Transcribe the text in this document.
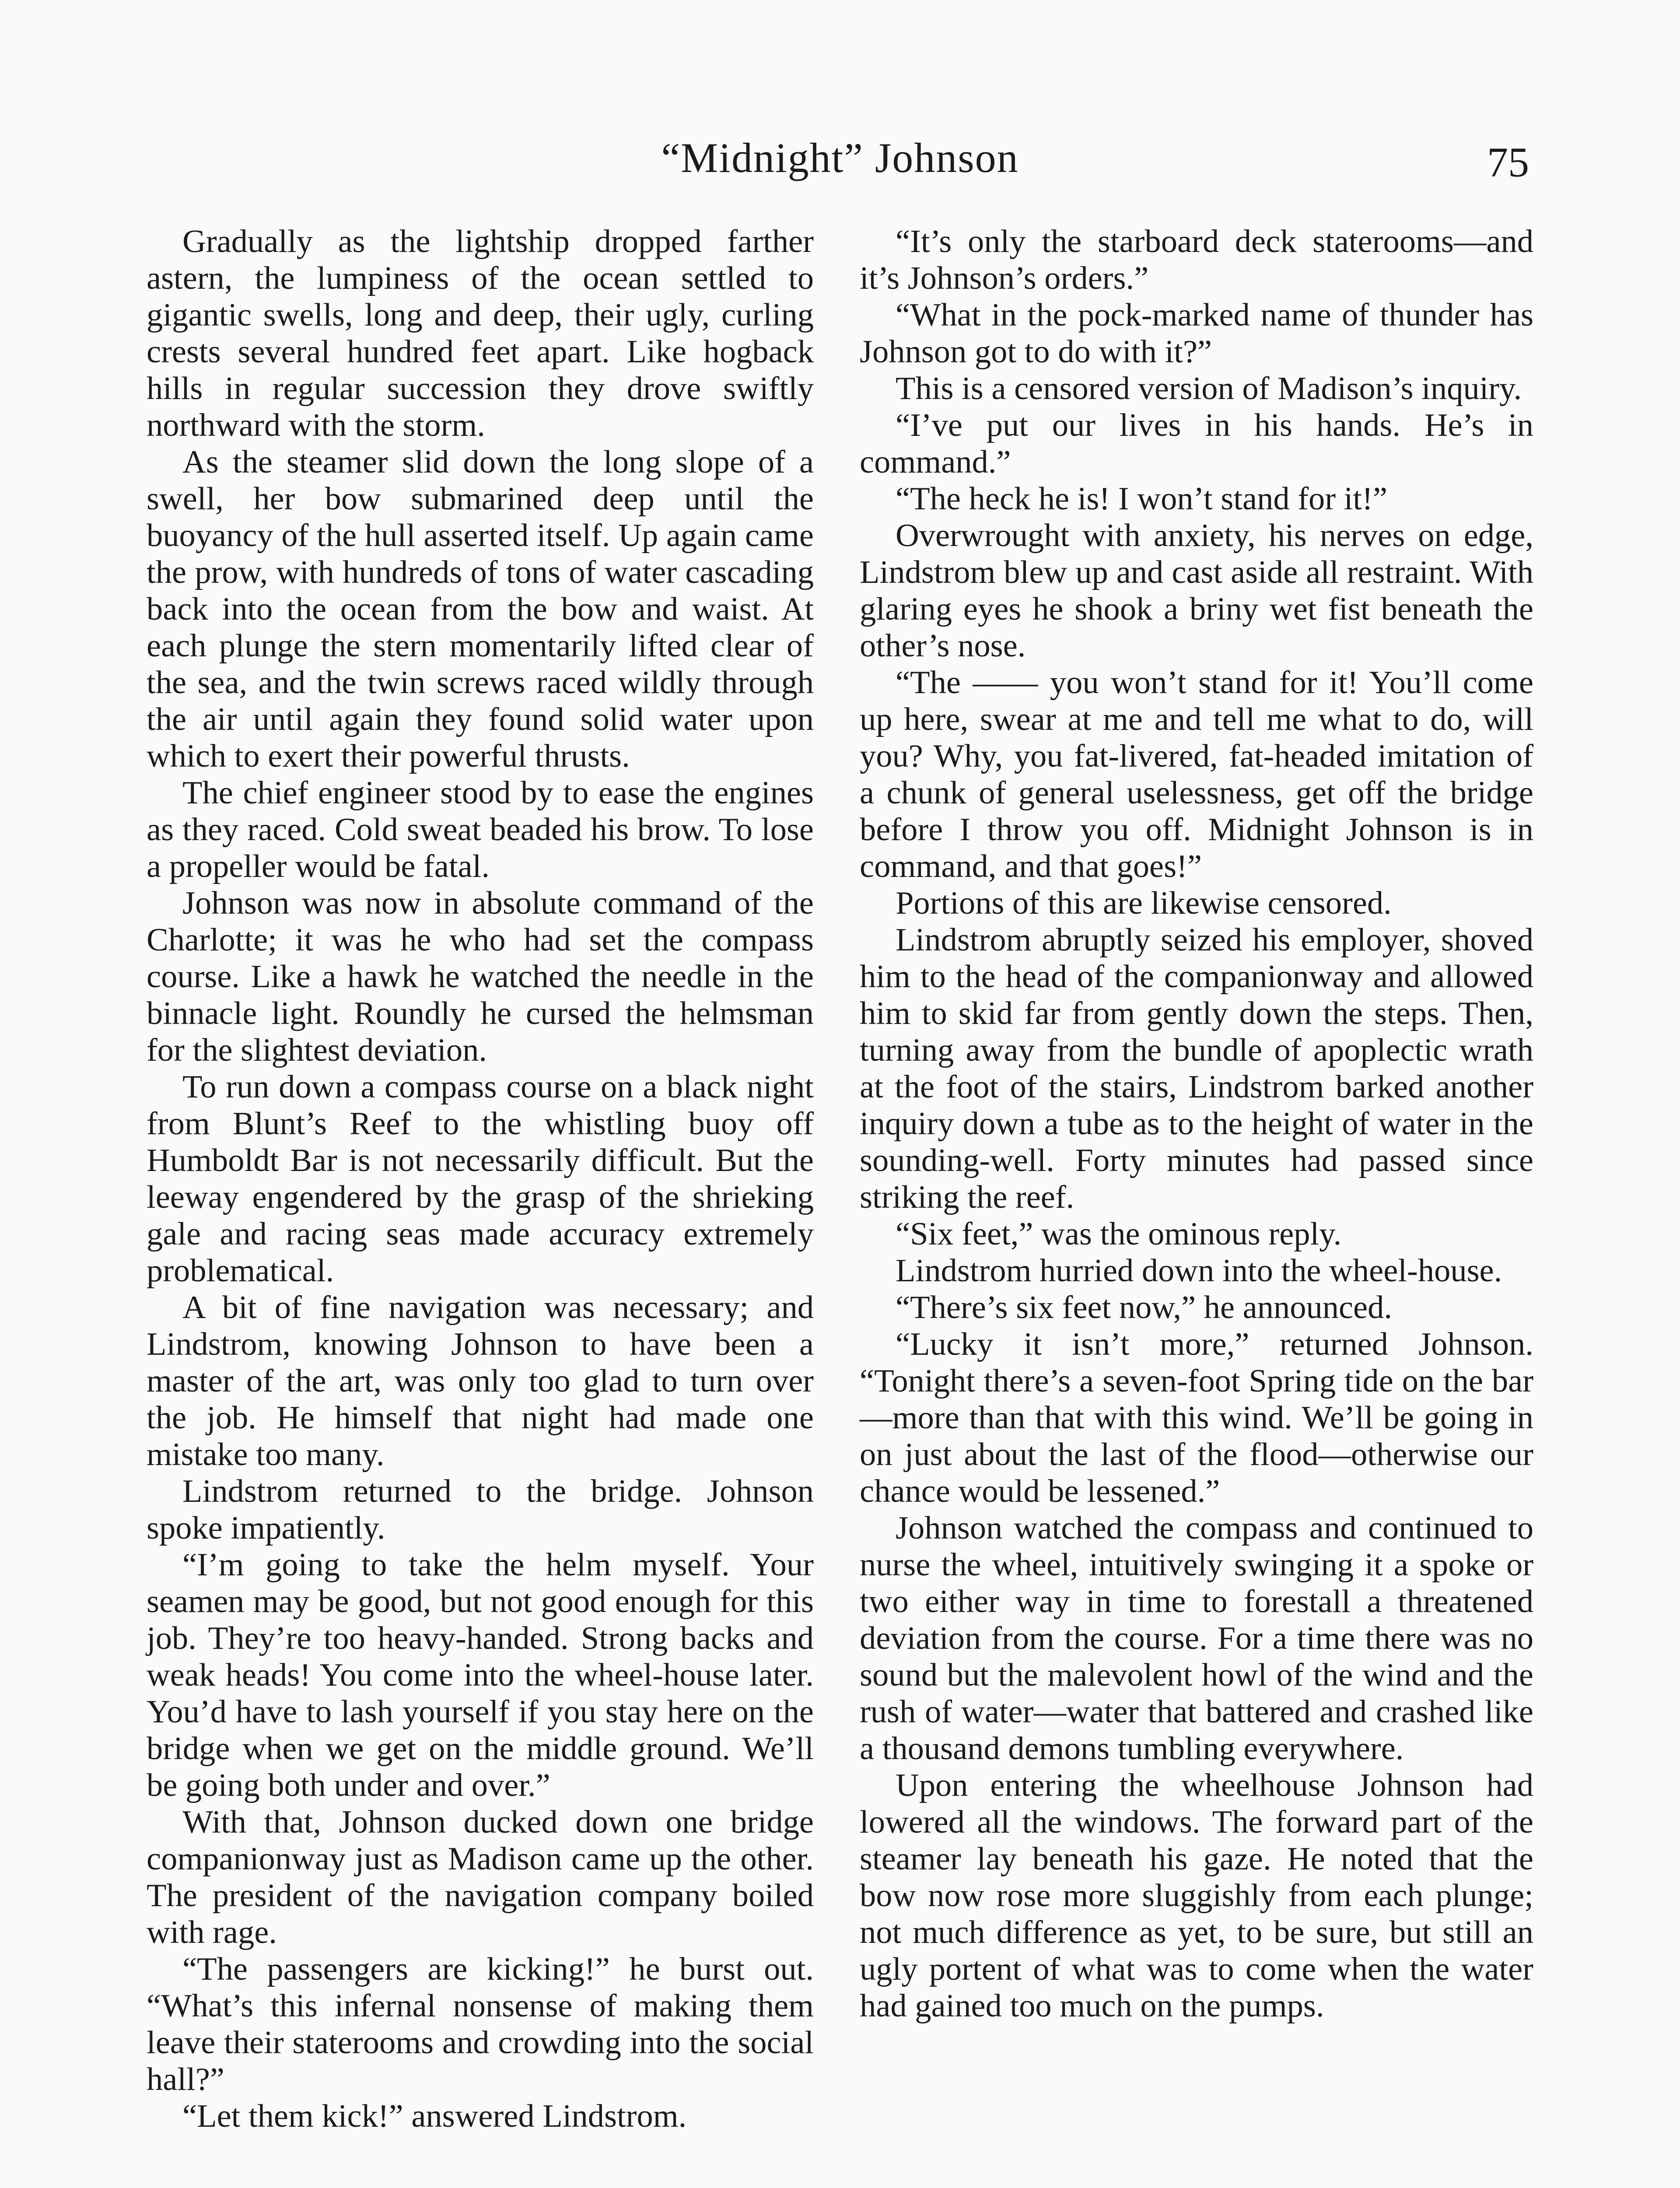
“Midnight” Johnson	75

Gradually as the lightship dropped farther astern, the lumpiness of the ocean settled to gigantic swells, long and deep, their ugly, curling crests several hundred feet apart. Like hogback hills in regular succession they drove swiftly northward with the storm.

As the steamer slid down the long slope of a swell, her bow submarined deep until the buoyancy of the hull asserted itself. Up again came the prow, with hundreds of tons of water cascading back into the ocean from the bow and waist. At each plunge the stern momentarily lifted clear of the sea, and the twin screws raced wildly through the air until again they found solid water upon which to exert their powerful thrusts.

The chief engineer stood by to ease the engines as they raced. Cold sweat beaded his brow. To lose a propeller would be fatal.

Johnson was now in absolute command of the Charlotte; it was he who had set the compass course. Like a hawk he watched the needle in the binnacle light. Roundly he cursed the helmsman for the slightest deviation.

To run down a compass course on a black night from Blunt’s Reef to the whistling buoy off Humboldt Bar is not necessarily difficult. But the leeway engendered by the grasp of the shrieking gale and racing seas made accuracy extremely problematical.

A bit of fine navigation was necessary; and Lindstrom, knowing Johnson to have been a master of the art, was only too glad to turn over the job. He himself that night had made one mistake too many.

Lindstrom returned to the bridge. Johnson spoke impatiently.

“I’m going to take the helm myself. Your seamen may be good, but not good enough for this job. They’re too heavy-handed. Strong backs and weak heads! You come into the wheel-house later. You’d have to lash yourself if you stay here on the bridge when we get on the middle ground. We’ll be going both under and over.”

With that, Johnson ducked down one bridge companionway just as Madison came up the other. The president of the navigation company boiled with rage.

“The passengers are kicking!” he burst out. “What’s this infernal nonsense of making them leave their staterooms and crowding into the social hall?”

“Let them kick!” answered Lindstrom.

“It’s only the starboard deck staterooms—and it’s Johnson’s orders.”

“What in the pock-marked name of thunder has Johnson got to do with it?”

This is a censored version of Madison’s inquiry.

“I’ve put our lives in his hands. He’s in command.”

“The heck he is! I won’t stand for it!”

Overwrought with anxiety, his nerves on edge, Lindstrom blew up and cast aside all restraint. With glaring eyes he shook a briny wet fist beneath the other’s nose.

“The —— you won’t stand for it! You’ll come up here, swear at me and tell me what to do, will you? Why, you fat-livered, fat-headed imitation of a chunk of general uselessness, get off the bridge before I throw you off. Midnight Johnson is in command, and that goes!”

Portions of this are likewise censored.

Lindstrom abruptly seized his employer, shoved him to the head of the companionway and allowed him to skid far from gently down the steps. Then, turning away from the bundle of apoplectic wrath at the foot of the stairs, Lindstrom barked another inquiry down a tube as to the height of water in the sounding-well. Forty minutes had passed since striking the reef.

“Six feet,” was the ominous reply.

Lindstrom hurried down into the wheel-house.

“There’s six feet now,” he announced.

“Lucky it isn’t more,” returned Johnson. “Tonight there’s a seven-foot Spring tide on the bar—more than that with this wind. We’ll be going in on just about the last of the flood—otherwise our chance would be lessened.”

Johnson watched the compass and continued to nurse the wheel, intuitively swinging it a spoke or two either way in time to forestall a threatened deviation from the course. For a time there was no sound but the malevolent howl of the wind and the rush of water—water that battered and crashed like a thousand demons tumbling everywhere.

Upon entering the wheelhouse Johnson had lowered all the windows. The forward part of the steamer lay beneath his gaze. He noted that the bow now rose more sluggishly from each plunge; not much difference as yet, to be sure, but still an ugly portent of what was to come when the water had gained too much on the pumps.
